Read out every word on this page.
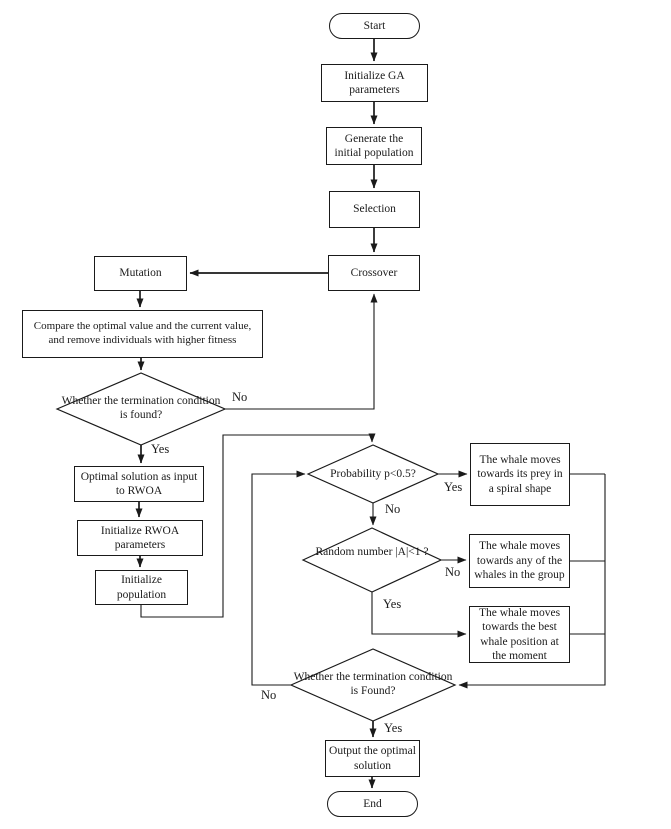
Start
End
Initialize GA parameters
Generate the initial population
Selection
Crossover
Mutation
Compare the optimal value and the current value, and remove individuals with higher fitness
Optimal solution as input to RWOA
Initialize RWOA parameters
Initialize population
The whale moves towards its prey in a spiral shape
The whale moves towards any of the whales in the group
The whale moves towards the best whale position at the moment
Output the optimal solution
Whether the termination condition is found?
Probability p<0.5?
Random number |A|<1 ?
Whether the termination condition is Found?
No
Yes
Yes
No
No
Yes
No
Yes
